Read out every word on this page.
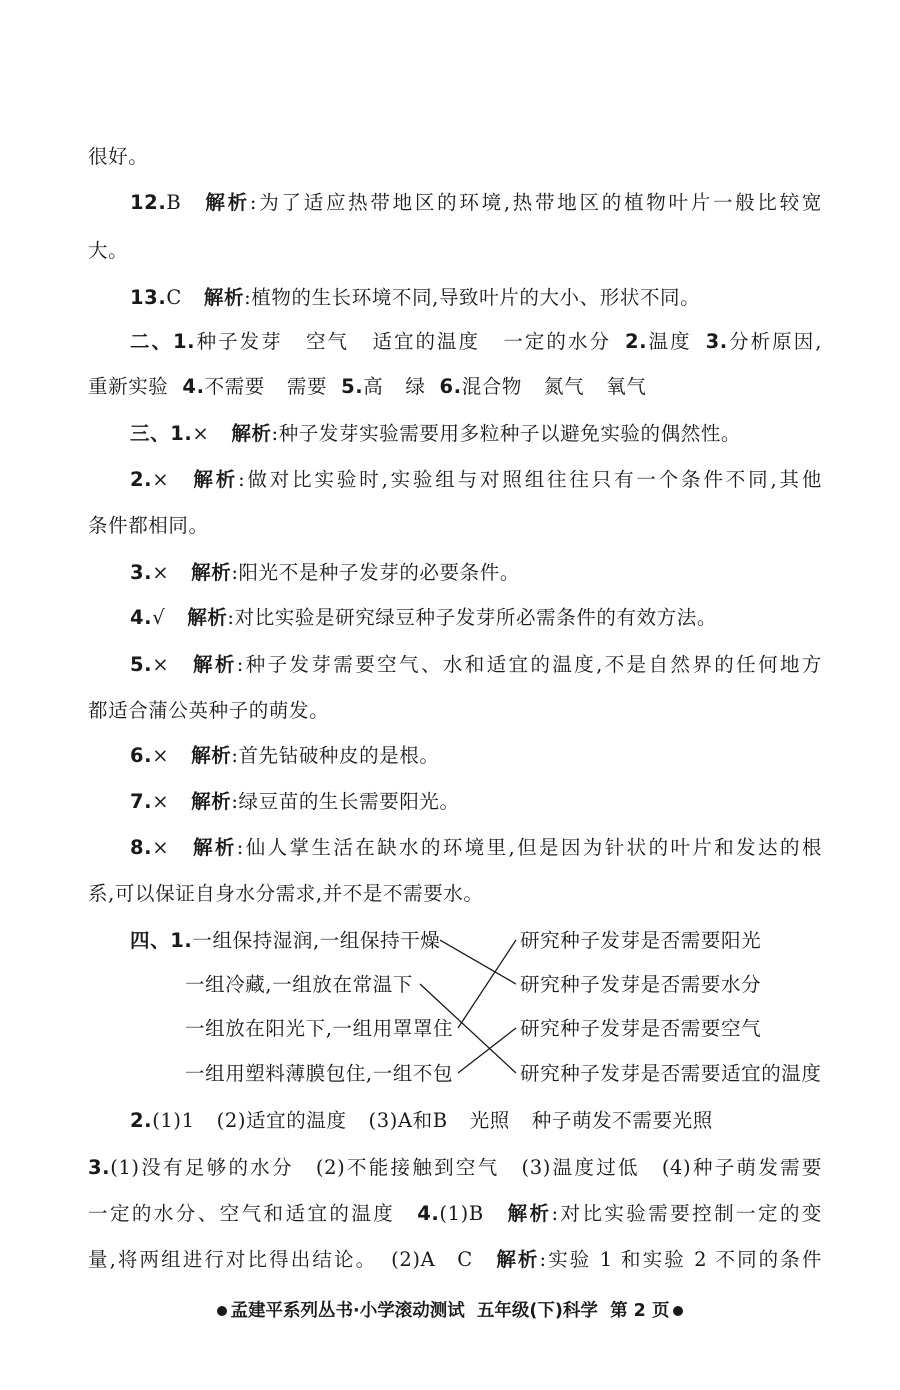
很好。
12.B 解析:为了适应热带地区的环境,热带地区的植物叶片一般比较宽
大。
13.C 解析:植物的生长环境不同,导致叶片的大小、形状不同。
二、1.种子发芽 空气 适宜的温度 一定的水分 2.温度 3.分析原因,
重新实验 4.不需要 需要 5.高 绿 6.混合物 氮气 氧气
三、1.× 解析:种子发芽实验需要用多粒种子以避免实验的偶然性。
2.× 解析:做对比实验时,实验组与对照组往往只有一个条件不同,其他
条件都相同。
3.× 解析:阳光不是种子发芽的必要条件。
4.√ 解析:对比实验是研究绿豆种子发芽所必需条件的有效方法。
5.× 解析:种子发芽需要空气、水和适宜的温度,不是自然界的任何地方
都适合蒲公英种子的萌发。
6.× 解析:首先钻破种皮的是根。
7.× 解析:绿豆苗的生长需要阳光。
8.× 解析:仙人掌生活在缺水的环境里,但是因为针状的叶片和发达的根
系,可以保证自身水分需求,并不是不需要水。
四、1.一组保持湿润,一组保持干燥
一组冷藏,一组放在常温下
一组放在阳光下,一组用罩罩住
一组用塑料薄膜包住,一组不包
研究种子发芽是否需要阳光
研究种子发芽是否需要水分
研究种子发芽是否需要空气
研究种子发芽是否需要适宜的温度
2.(1)1 (2)适宜的温度 (3)A和B 光照 种子萌发不需要光照
3.(1)没有足够的水分 (2)不能接触到空气 (3)温度过低 (4)种子萌发需要
一定的水分、空气和适宜的温度 4.(1)B 解析:对比实验需要控制一定的变
量,将两组进行对比得出结论。 (2)A C 解析:实验 1 和实验 2 不同的条件
孟建平系列丛书·小学滚动测试 五年级(下)科学 第 2 页
